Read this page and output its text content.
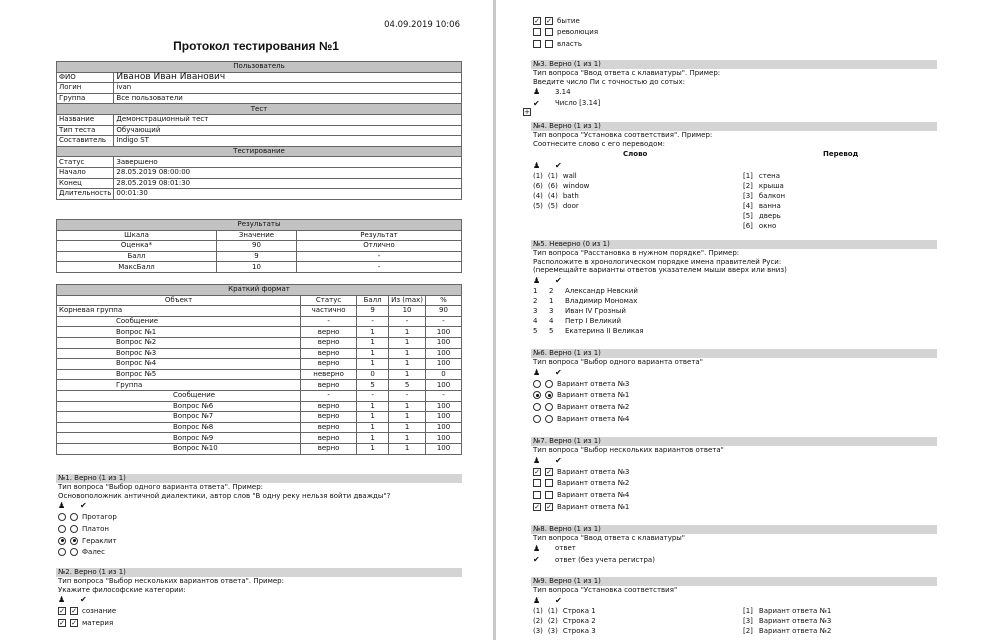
04.09.2019 10:06
Протокол тестирования №1
Пользователь	
ФИО	Иванов Иван Иванович
Логин	ivan
Группа	Все пользователи
Тест	
Название	Демонстрационный тест
Тип теста	Обучающий
Составитель	Indigo ST
Тестирование	
Статус	Завершено
Начало	28.05.2019 08:00:00
Конец	28.05.2019 08:01:30
Длительность	00:01:30
Результаты		
Шкала	Значение	Результат
Оценка*	90	Отлично
Балл	9	-
МаксБалл	10	-
Краткий формат				
Объект	Статус	Балл	Из (max)	%
Корневая группа	частично	9	10	90
Сообщение	-	-	-	-
Вопрос №1	верно	1	1	100
Вопрос №2	верно	1	1	100
Вопрос №3	верно	1	1	100
Вопрос №4	верно	1	1	100
Вопрос №5	неверно	0	1	0
Группа	верно	5	5	100
Сообщение	-	-	-	-
Вопрос №6	верно	1	1	100
Вопрос №7	верно	1	1	100
Вопрос №8	верно	1	1	100
Вопрос №9	верно	1	1	100
Вопрос №10	верно	1	1	100
№1. Верно (1 из 1)
Тип вопроса "Выбор одного варианта ответа". Пример:
Основоположник античной диалектики, автор слов "В одну реку нельзя войти дважды"?
♟	✔
Протагор
Платон
Гераклит
Фалес
№2. Верно (1 из 1)
Тип вопроса "Выбор нескольких вариантов ответа". Пример:
Укажите философские категории:
♟	✔
✓ ✓ сознание
✓ ✓ материя
✓ ✓ бытие
революция
власть
№3. Верно (1 из 1)
Тип вопроса "Ввод ответа с клавиатуры". Пример:
Введите число Пи с точностью до сотых:
♟	3.14
✔	Число [3.14]
+
№4. Верно (1 из 1)
Тип вопроса "Установка соответствия". Пример:
Соотнесите слово с его переводом:
Слово	Перевод
♟	✔
(1) (1) wall	[1] стена
(6) (6) window	[2] крыша
(4) (4) bath	[3] балкон
(5) (5) door	[4] ванна
[5] дверь
[6] окно
№5. Неверно (0 из 1)
Тип вопроса "Расстановка в нужном порядке". Пример:
Расположите в хронологическом порядке имена правителей Руси:
(перемещайте варианты ответов указателем мыши вверх или вниз)
♟	✔
1	2	Александр Невский
2	1	Владимир Мономах
3	3	Иван IV Грозный
4	4	Петр I Великий
5	5	Екатерина II Великая
№6. Верно (1 из 1)
Тип вопроса "Выбор одного варианта ответа"
♟	✔
Вариант ответа №3
Вариант ответа №1
Вариант ответа №2
Вариант ответа №4
№7. Верно (1 из 1)
Тип вопроса "Выбор нескольких вариантов ответа"
♟	✔
✓ ✓ Вариант ответа №3
Вариант ответа №2
Вариант ответа №4
✓ ✓ Вариант ответа №1
№8. Верно (1 из 1)
Тип вопроса "Ввод ответа с клавиатуры"
♟	ответ
✔	ответ (без учета регистра)
№9. Верно (1 из 1)
Тип вопроса "Установка соответствия"
♟	✔
(1) (1) Строка 1	[1] Вариант ответа №1
(2) (2) Строка 2	[3] Вариант ответа №3
(3) (3) Строка 3	[2] Вариант ответа №2
